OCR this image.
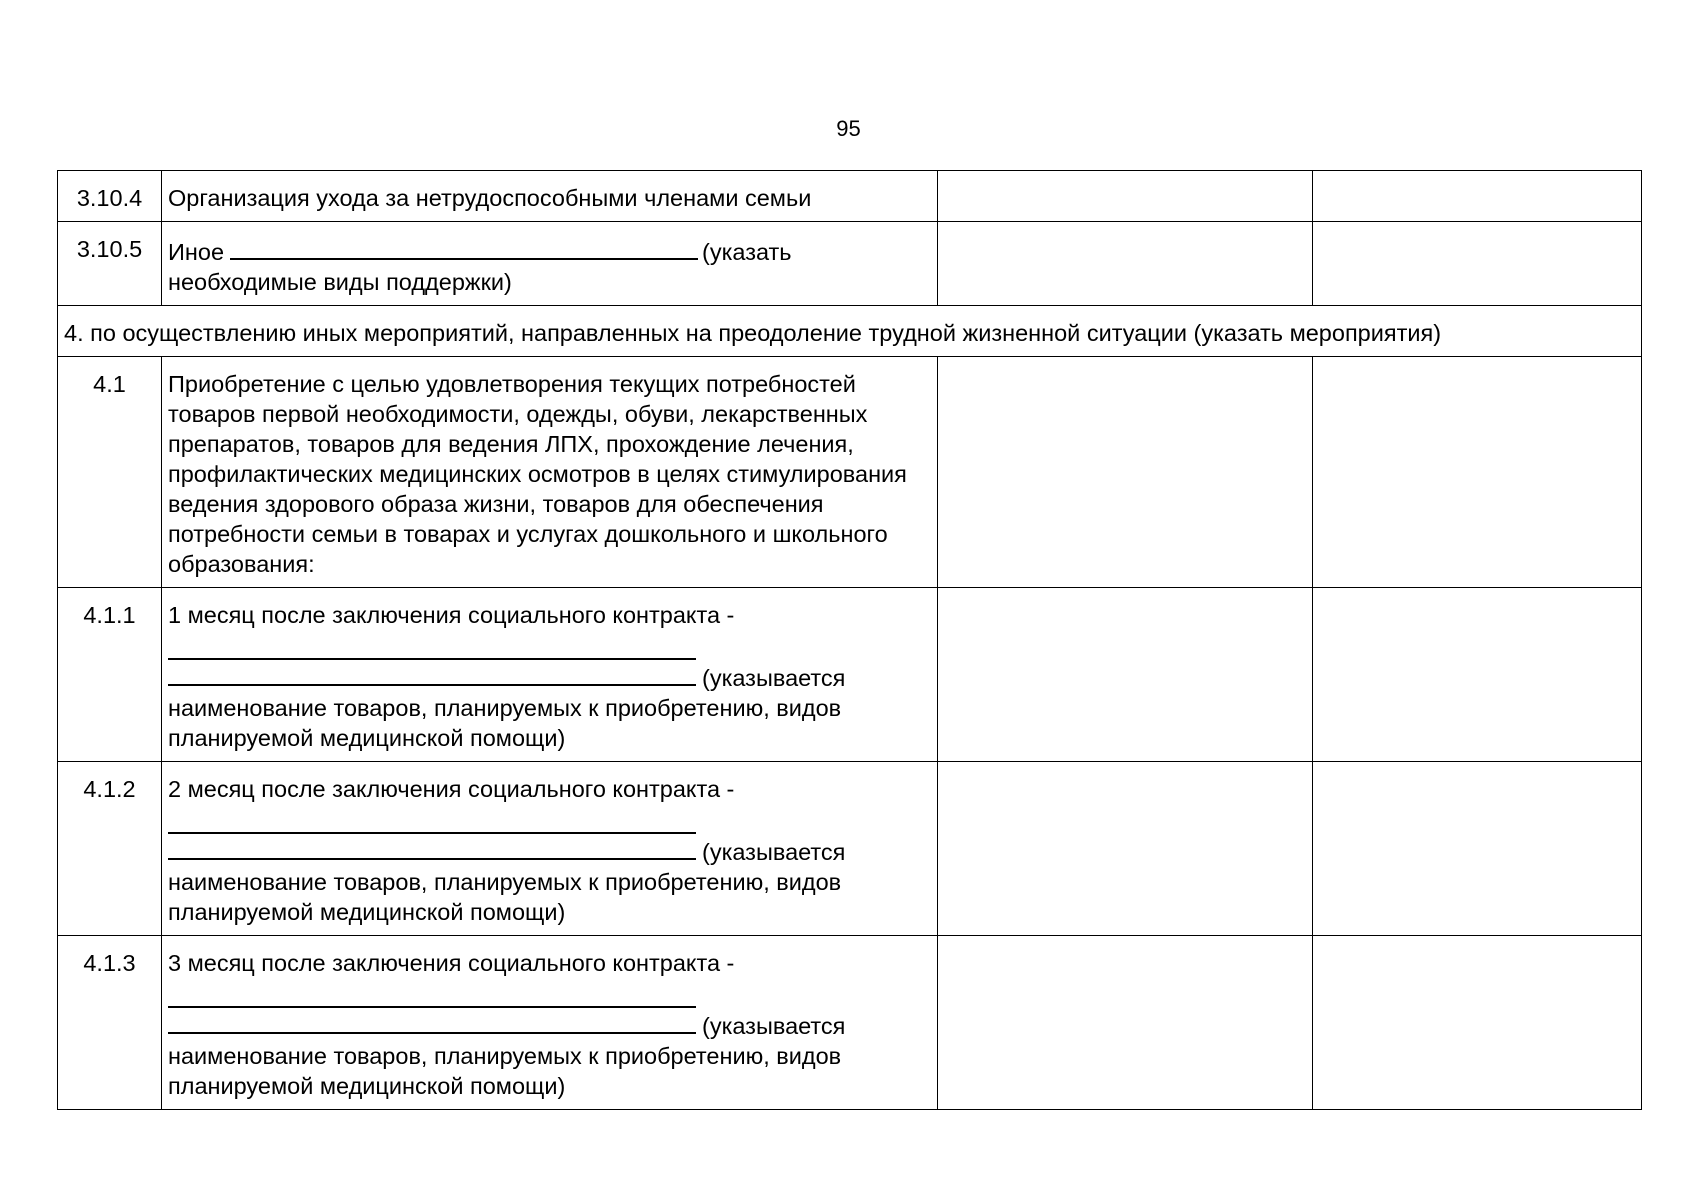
95
3.10.4	Организация ухода за нетрудоспособными членами семьи		
3.10.5	Иное (указать
необходимые виды поддержки)		

4. по осуществлению иных мероприятий, направленных на преодоление трудной жизненной ситуации (указать мероприятия)			
4.1	Приобретение с целью удовлетворения текущих потребностей товаров первой необходимости, одежды, обуви, лекарственных препаратов, товаров для ведения ЛПХ, прохождение лечения, профилактических медицинских осмотров в целях стимулирования ведения здорового образа жизни, товаров для обеспечения потребности семьи в товарах и услугах дошкольного и школьного образования:		
4.1.1	1 месяц после заключения социального контракта -
(указывается
наименование товаров, планируемых к приобретению, видов планируемой медицинской помощи)		

4.1.2	2 месяц после заключения социального контракта -
(указывается
наименование товаров, планируемых к приобретению, видов планируемой медицинской помощи)		

4.1.3	3 месяц после заключения социального контракта -
(указывается
наименование товаров, планируемых к приобретению, видов планируемой медицинской помощи)		
